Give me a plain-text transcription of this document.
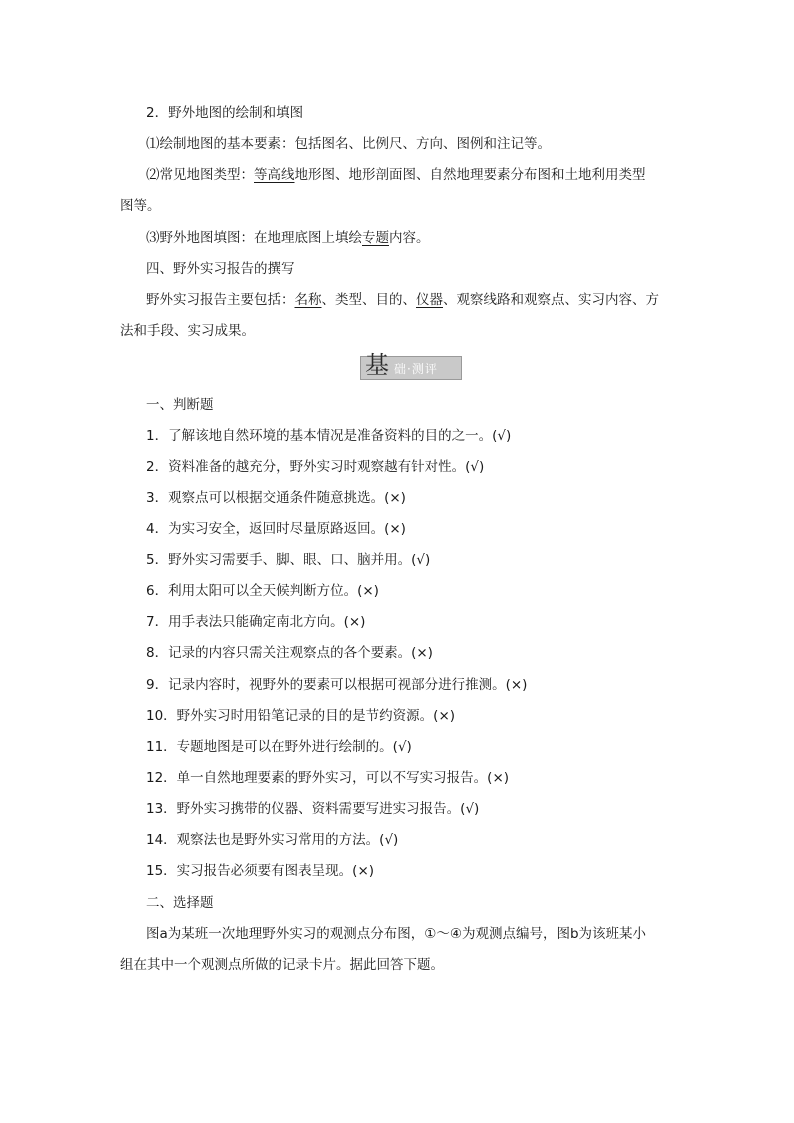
2．野外地图的绘制和填图
⑴绘制地图的基本要素：包括图名、比例尺、方向、图例和注记等。
⑵常见地图类型：等高线地形图、地形剖面图、自然地理要素分布图和土地利用类型
图等。
⑶野外地图填图：在地理底图上填绘专题内容。
四、野外实习报告的撰写
野外实习报告主要包括：名称、类型、目的、仪器、观察线路和观察点、实习内容、方
法和手段、实习成果。
基 础·测评
一、判断题
1．了解该地自然环境的基本情况是准备资料的目的之一。(√)
2．资料准备的越充分，野外实习时观察越有针对性。(√)
3．观察点可以根据交通条件随意挑选。(×)
4．为实习安全，返回时尽量原路返回。(×)
5．野外实习需要手、脚、眼、口、脑并用。(√)
6．利用太阳可以全天候判断方位。(×)
7．用手表法只能确定南北方向。(×)
8．记录的内容只需关注观察点的各个要素。(×)
9．记录内容时，视野外的要素可以根据可视部分进行推测。(×)
10．野外实习时用铅笔记录的目的是节约资源。(×)
11．专题地图是可以在野外进行绘制的。(√)
12．单一自然地理要素的野外实习，可以不写实习报告。(×)
13．野外实习携带的仪器、资料需要写进实习报告。(√)
14．观察法也是野外实习常用的方法。(√)
15．实习报告必须要有图表呈现。(×)
二、选择题
图a为某班一次地理野外实习的观测点分布图，①～④为观测点编号，图b为该班某小
组在其中一个观测点所做的记录卡片。据此回答下题。
